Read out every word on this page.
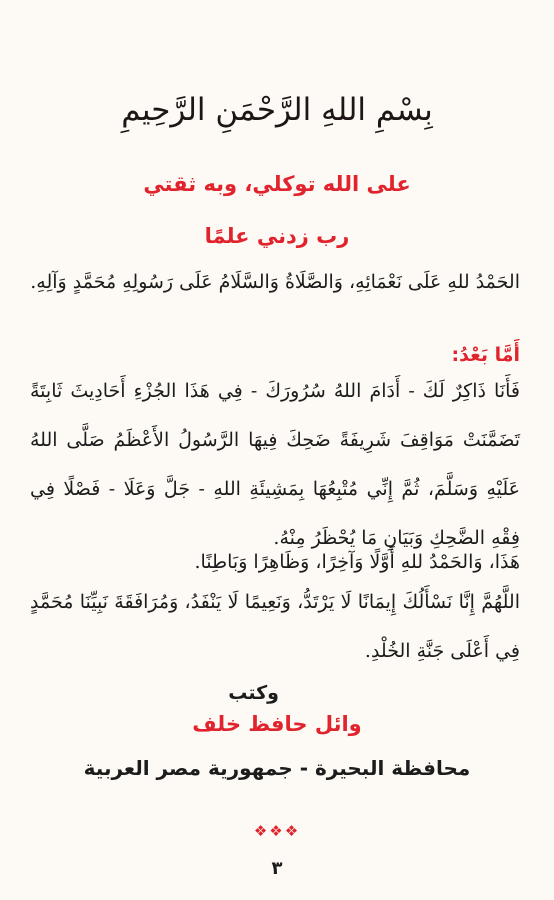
بِسْمِ اللهِ الرَّحْمَنِ الرَّحِيمِ
على الله توكلي، وبه ثقتي
رب زدني علمًا

الحَمْدُ للهِ عَلَى نَعْمَائِهِ، وَالصَّلَاةُ وَالسَّلَامُ عَلَى رَسُولِهِ مُحَمَّدٍ وَآلِهِ.

أَمَّا بَعْدُ:

فَأَنَا ذَاكِرٌ لَكَ - أَدَامَ اللهُ سُرُورَكَ - فِي هَذَا الجُزْءِ أَحَادِيثَ ثَابِتَةً تَضَمَّنَتْ مَوَاقِفَ شَرِيفَةً ضَحِكَ فِيهَا الرَّسُولُ الأَعْظَمُ صَلَّى اللهُ عَلَيْهِ وَسَلَّمَ، ثُمَّ إِنِّي مُتْبِعُهَا بِمَشِيئَةِ اللهِ - جَلَّ وَعَلَا - فَصْلًا فِي فِقْهِ الضَّحِكِ وَبَيَانِ مَا يُحْظَرُ مِنْهُ.

هَذَا، وَالحَمْدُ للهِ أَوَّلًا وَآخِرًا، وَظَاهِرًا وَبَاطِنًا.

اللَّهُمَّ إِنَّا نَسْأَلُكَ إِيمَانًا لَا يَرْتَدُّ، وَنَعِيمًا لَا يَنْفَدُ، وَمُرَافَقَةَ نَبِيِّنَا مُحَمَّدٍ فِي أَعْلَى جَنَّةِ الخُلْدِ.

وكتب
وائل حافظ خلف
محافظة البحيرة - جمهورية مصر العربية
❖❖❖
٣
